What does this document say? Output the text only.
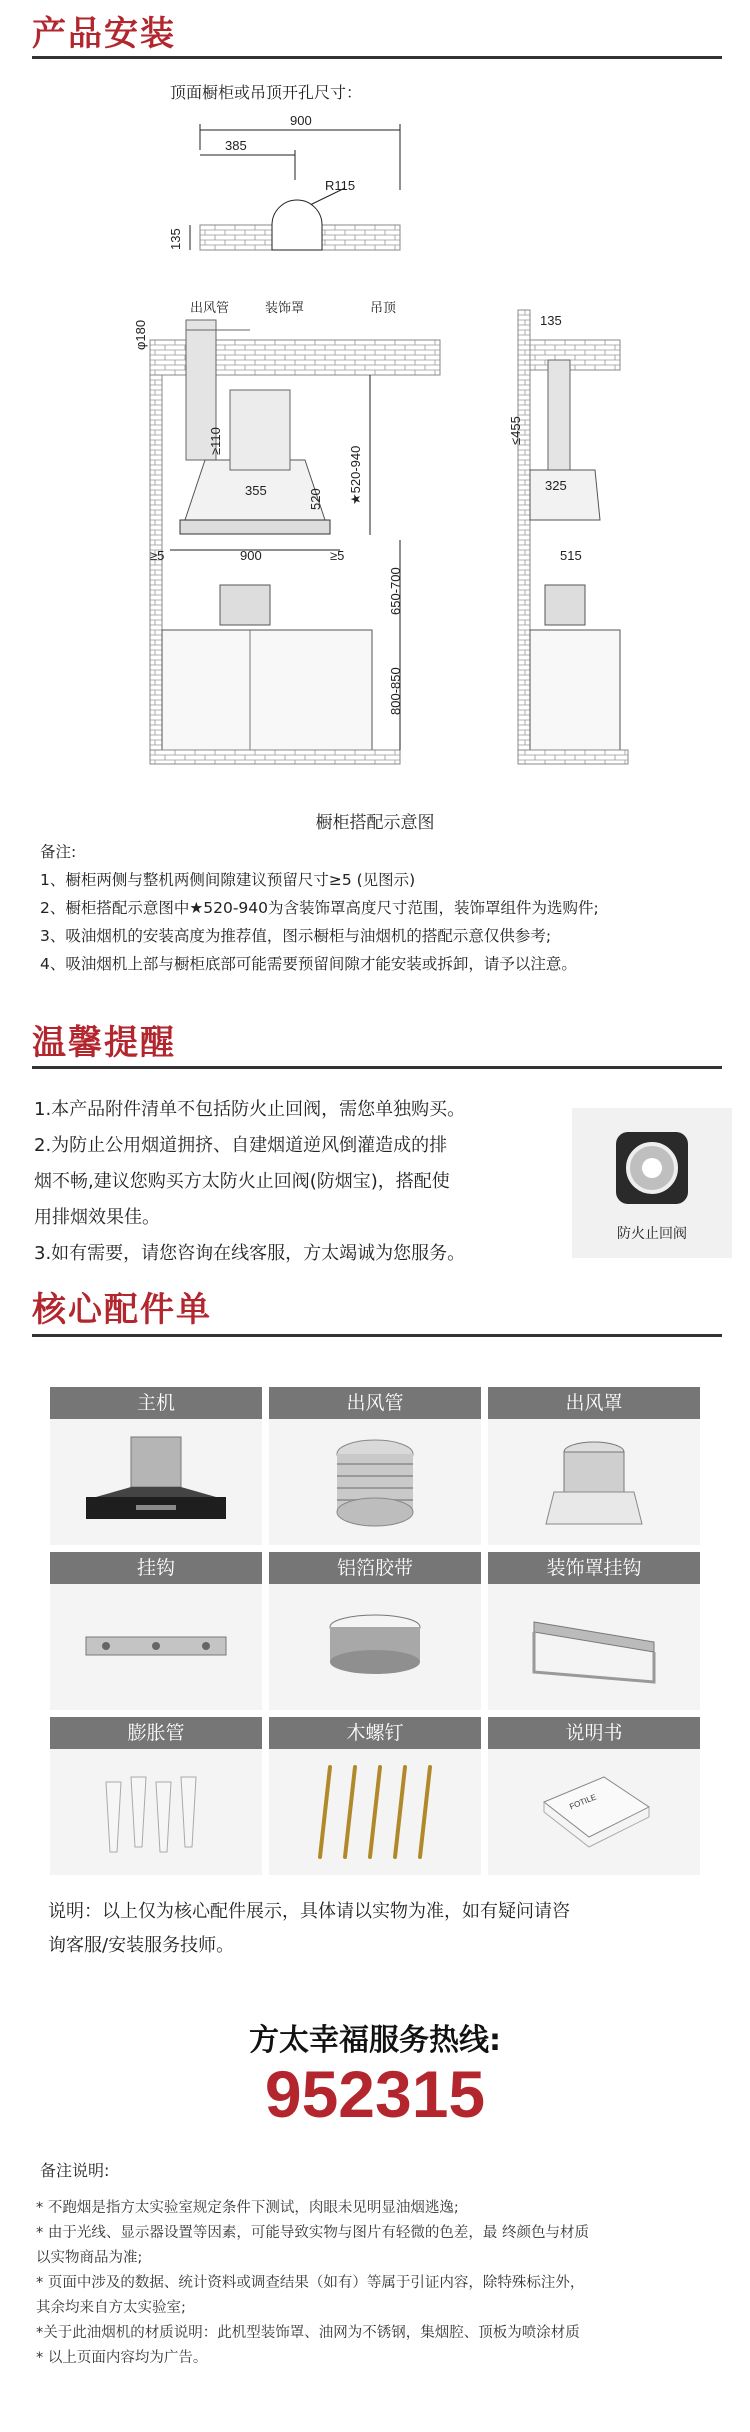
产品安装
顶面橱柜或吊顶开孔尺寸：
900
385
R115
135
出风管	装饰罩	吊顶
φ180
≥110
355	520 ★520-940
≥5	900	≥5
650-700
800-850
135
≤455
325
515
橱柜搭配示意图

备注:

1、橱柜两侧与整机两侧间隙建议预留尺寸≥5 (见图示)

2、橱柜搭配示意图中★520-940为含装饰罩高度尺寸范围，装饰罩组件为选购件;

3、吸油烟机的安装高度为推荐值，图示橱柜与油烟机的搭配示意仅供参考;

4、吸油烟机上部与橱柜底部可能需要预留间隙才能安装或拆卸，请予以注意。

温馨提醒

1.本产品附件清单不包括防火止回阀，需您单独购买。

2.为防止公用烟道拥挤、自建烟道逆风倒灌造成的排

烟不畅,建议您购买方太防火止回阀(防烟宝)，搭配使

用排烟效果佳。

3.如有需要，请您咨询在线客服，方太竭诚为您服务。

防火止回阀
核心配件单
主机	出风管	出风罩
挂钩	铝箔胶带	装饰罩挂钩
膨胀管	木螺钉	说明书
FOTILE
说明：以上仅为核心配件展示，具体请以实物为准，如有疑问请咨
询客服/安装服务技师。
方太幸福服务热线:
952315
备注说明:

* 不跑烟是指方太实验室规定条件下测试，肉眼未见明显油烟逃逸;

* 由于光线、显示器设置等因素，可能导致实物与图片有轻微的色差，最 终颜色与材质

以实物商品为准;

* 页面中涉及的数据、统计资料或调查结果（如有）等属于引证内容，除特殊标注外，

其余均来自方太实验室;

*关于此油烟机的材质说明：此机型装饰罩、油网为不锈钢，集烟腔、顶板为喷涂材质

* 以上页面内容均为广告。
